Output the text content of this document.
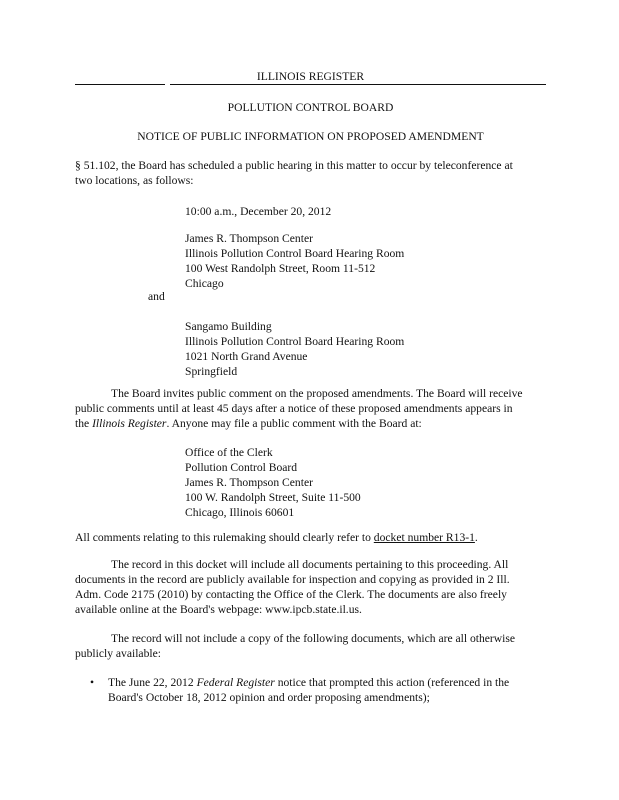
ILLINOIS REGISTER
POLLUTION CONTROL BOARD
NOTICE OF PUBLIC INFORMATION ON PROPOSED AMENDMENT
§ 51.102, the Board has scheduled a public hearing in this matter to occur by teleconference at
two locations, as follows:
10:00 a.m., December 20, 2012
James R. Thompson Center
Illinois Pollution Control Board Hearing Room
100 West Randolph Street, Room 11-512
Chicago
and
Sangamo Building
Illinois Pollution Control Board Hearing Room
1021 North Grand Avenue
Springfield
The Board invites public comment on the proposed amendments. The Board will receive
public comments until at least 45 days after a notice of these proposed amendments appears in
the Illinois Register. Anyone may file a public comment with the Board at:
Office of the Clerk
Pollution Control Board
James R. Thompson Center
100 W. Randolph Street, Suite 11-500
Chicago, Illinois 60601
All comments relating to this rulemaking should clearly refer to docket number R13-1.
The record in this docket will include all documents pertaining to this proceeding. All
documents in the record are publicly available for inspection and copying as provided in 2 Ill.
Adm. Code 2175 (2010) by contacting the Office of the Clerk. The documents are also freely
available online at the Board's webpage: www.ipcb.state.il.us.
The record will not include a copy of the following documents, which are all otherwise
publicly available:
• The June 22, 2012 Federal Register notice that prompted this action (referenced in the
Board's October 18, 2012 opinion and order proposing amendments);
